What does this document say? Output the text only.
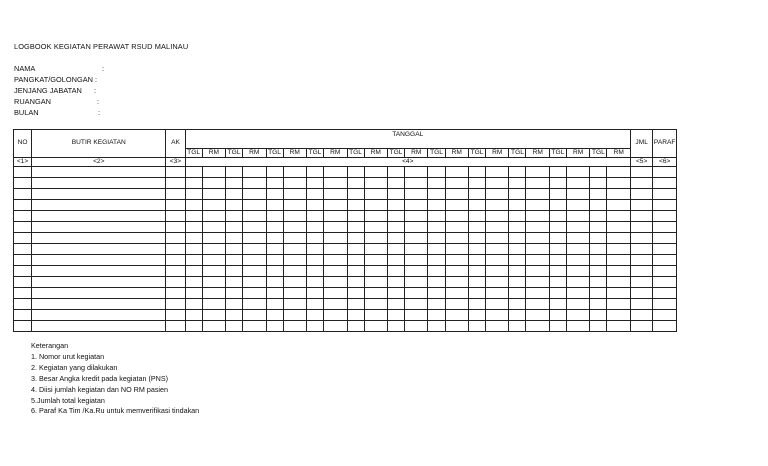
LOGBOOK KEGIATAN PERAWAT RSUD MALINAU
NAMA	:
PANGKAT/GOLONGAN :
JENJANG JABATAN :
RUANGAN	:
BULAN	:
NO	BUTIR KEGIATAN	AK	TANGGAL																						JML	PARAF
			TGL	RM	TGL	RM	TGL	RM	TGL	RM	TGL	RM	TGL	RM	TGL	RM	TGL	RM	TGL	RM	TGL	RM	TGL	RM		
<1>	<2>	<3>	<4>																						<5>	<6>

Keterangan
1. Nomor urut kegiatan
2. Kegiatan yang dilakukan
3. Besar Angka kredit pada kegiatan (PNS)
4. Diisi jumlah kegiatan dan NO RM pasien
5.Jumlah total kegiatan
6. Paraf Ka Tim /Ka.Ru untuk memverifikasi tindakan
